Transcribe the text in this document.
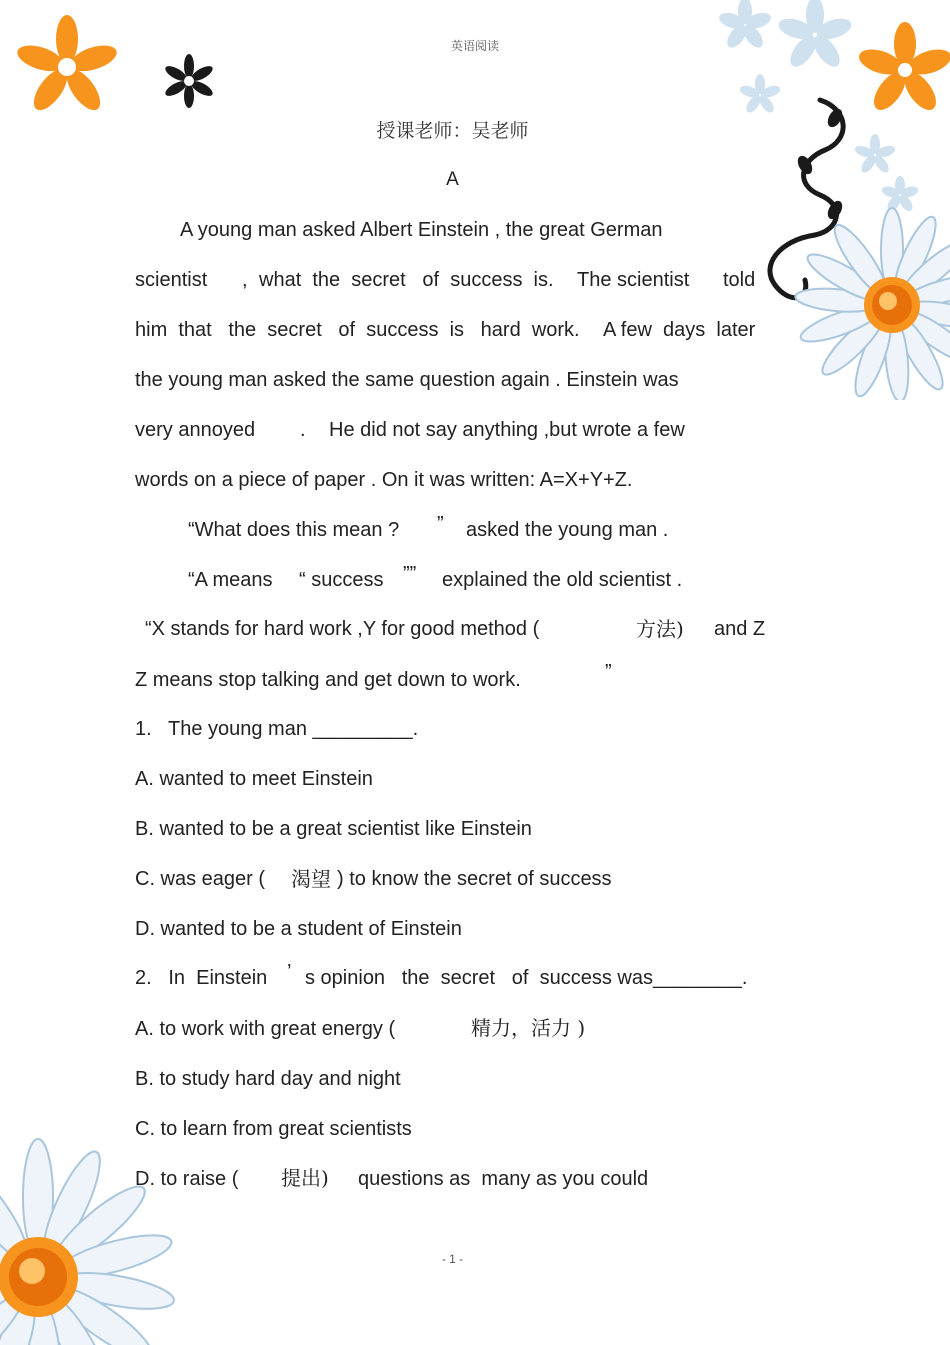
英语阅读
授课老师：吴老师
A
A young man asked Albert Einstein , the great German
scientist , what  the  secret   of  success  is. The scientist told
him  that   the  secret   of  success  is   hard  work. A few  days  later
the young man asked the same question again . Einstein was
very annoyed . He did not say anything ,but wrote a few
words on a piece of paper . On it was written: A=X+Y+Z.
“What does this mean ? ” asked the young man .
“A means “ success ”” explained the old scientist .
“X stands for hard work ,Y for good method (	方法) and Z
Z means stop talking and get down to work.	”
1.   The young man _________.
A. wanted to meet Einstein
B. wanted to be a great scientist like Einstein
C. was eager ( 渴望 ) to know the secret of success
D. wanted to be a student of Einstein
2.   In  Einstein ’ s opinion   the  secret   of  success was________.
A. to work with great energy (	精力，活力 )
B. to study hard day and night
C. to learn from great scientists
D. to raise ( 提出) questions as  many as you could
- 1 -
